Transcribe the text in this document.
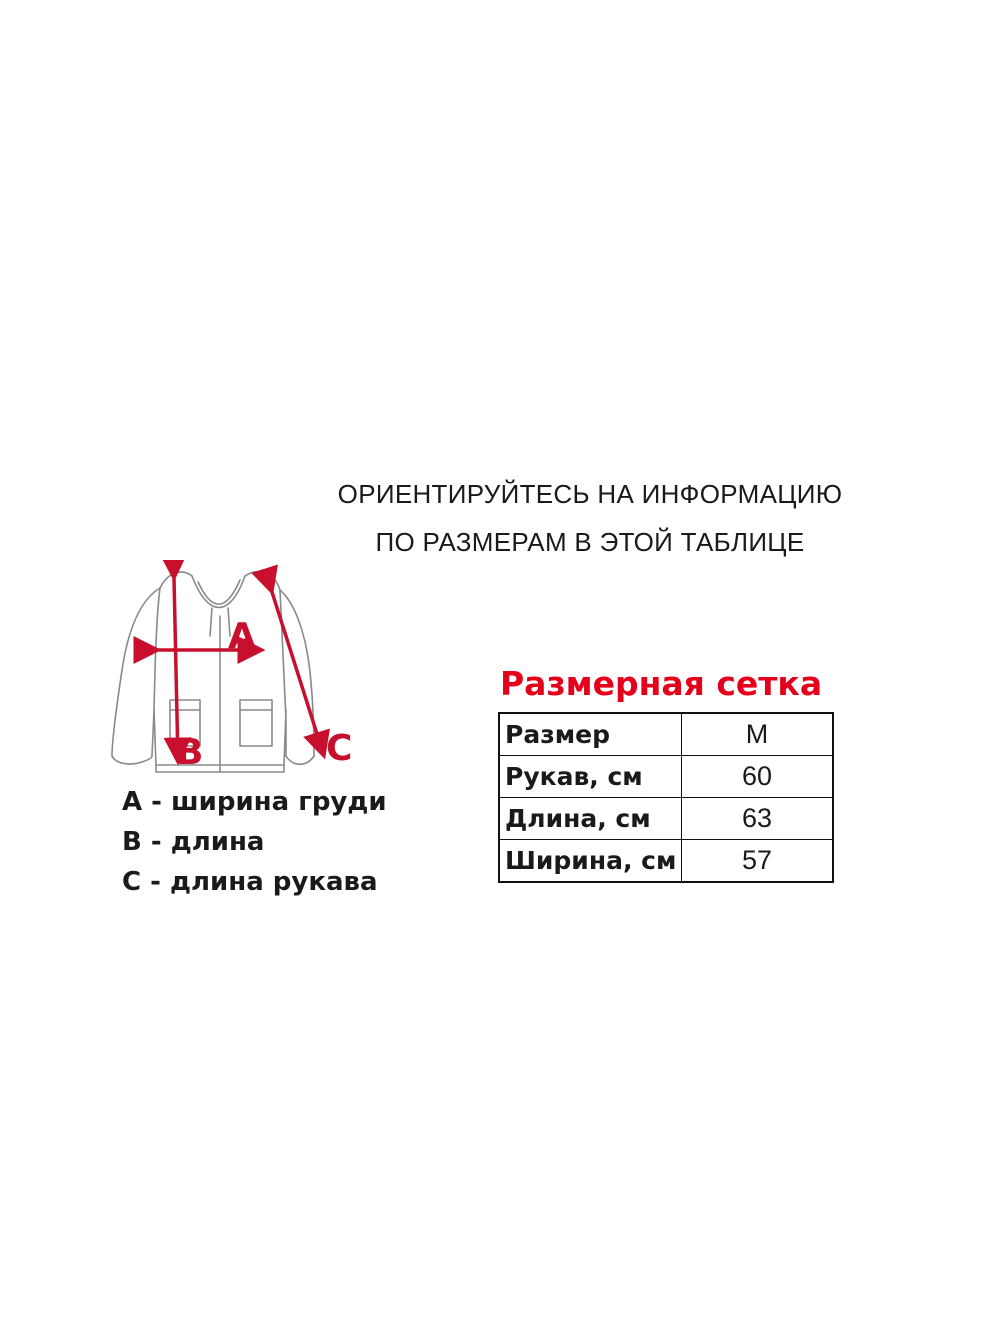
ОРИЕНТИРУЙТЕСЬ НА ИНФОРМАЦИЮ
ПО РАЗМЕРАМ В ЭТОЙ ТАБЛИЦЕ
A
B	C
A - ширина груди
B - длина
C - длина рукава
Размерная сетка
Размер	M
Рукав, см	60
Длина, см	63
Ширина, см	57
